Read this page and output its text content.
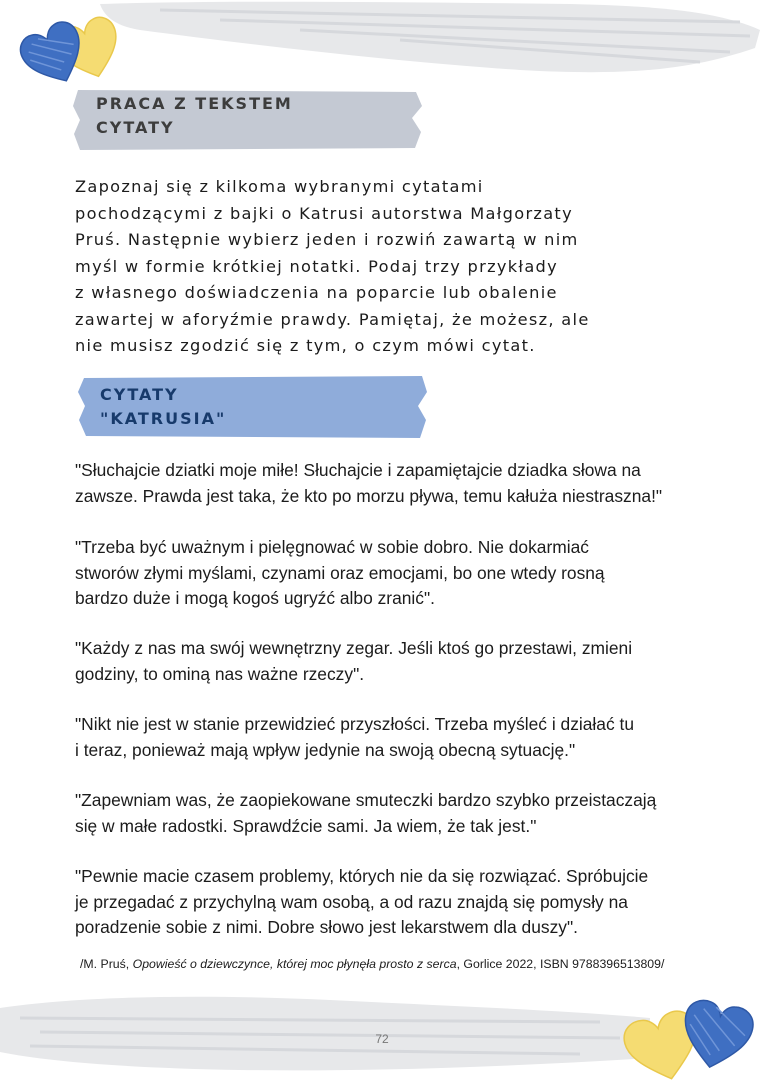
PRACA Z TEKSTEM
CYTATY
Zapoznaj się z kilkoma wybranymi cytatami
pochodzącymi z bajki o Katrusi autorstwa Małgorzaty
Pruś. Następnie wybierz jeden i rozwiń zawartą w nim
myśl w formie krótkiej notatki. Podaj trzy przykłady
z własnego doświadczenia na poparcie lub obalenie
zawartej w aforyźmie prawdy. Pamiętaj, że możesz, ale
nie musisz zgodzić się z tym, o czym mówi cytat.
CYTATY
"KATRUSIA"
"Słuchajcie dziatki moje miłe! Słuchajcie i zapamiętajcie dziadka słowa na
zawsze. Prawda jest taka, że kto po morzu pływa, temu kałuża niestraszna!"
"Trzeba być uważnym i pielęgnować w sobie dobro. Nie dokarmiać
stworów złymi myślami, czynami oraz emocjami, bo one wtedy rosną
bardzo duże i mogą kogoś ugryźć albo zranić".
"Każdy z nas ma swój wewnętrzny zegar. Jeśli ktoś go przestawi, zmieni
godziny, to ominą nas ważne rzeczy".
"Nikt nie jest w stanie przewidzieć przyszłości. Trzeba myśleć i działać tu
i teraz, ponieważ mają wpływ jedynie na swoją obecną sytuację."
"Zapewniam was, że zaopiekowane smuteczki bardzo szybko przeistaczają
się w małe radostki. Sprawdźcie sami. Ja wiem, że tak jest."
"Pewnie macie czasem problemy, których nie da się rozwiązać. Spróbujcie
je przegadać z przychylną wam osobą, a od razu znajdą się pomysły na
poradzenie sobie z nimi. Dobre słowo jest lekarstwem dla duszy".
/M. Pruś, Opowieść o dziewczynce, której moc płynęła prosto z serca, Gorlice 2022, ISBN 9788396513809/
72
